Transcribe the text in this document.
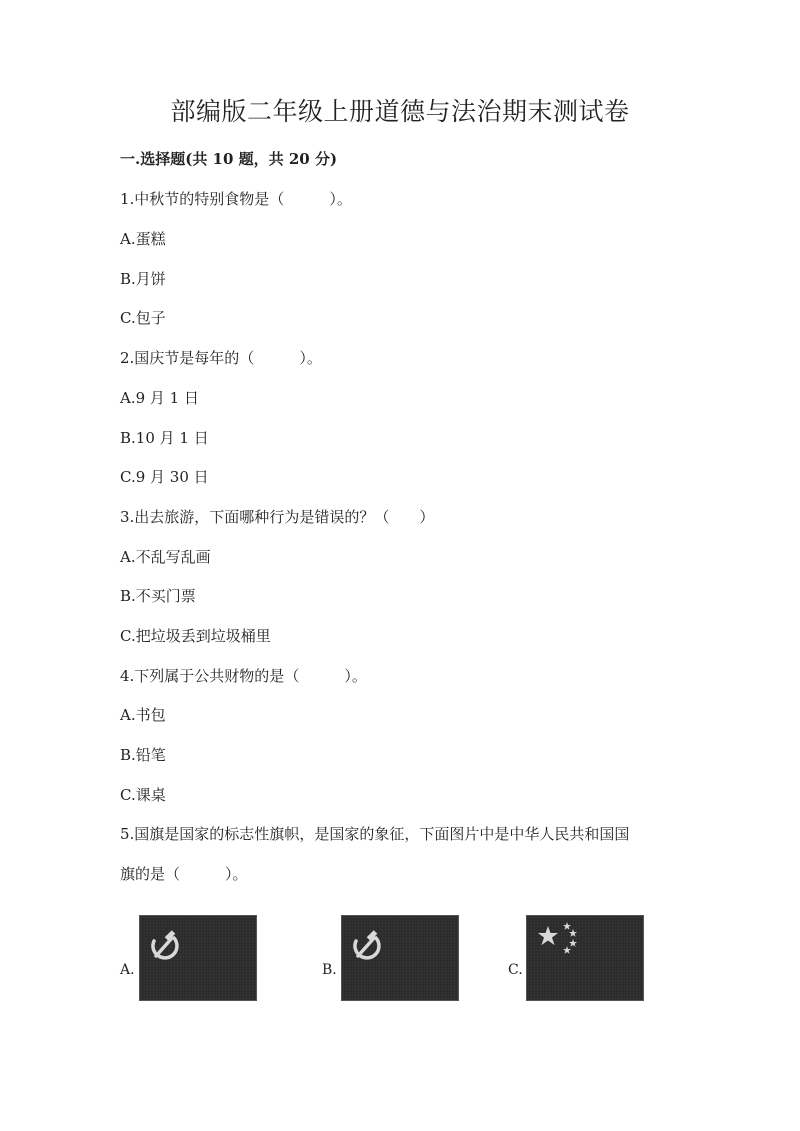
部编版二年级上册道德与法治期末测试卷
一.选择题(共 10 题，共 20 分)
1.中秋节的特别食物是（　　　）。
A.蛋糕
B.月饼
C.包子
2.国庆节是每年的（　　　）。
A.9 月 1 日
B.10 月 1 日
C.9 月 30 日
3.出去旅游，下面哪种行为是错误的？（　　）
A.不乱写乱画
B.不买门票
C.把垃圾丢到垃圾桶里
4.下列属于公共财物的是（　　　）。
A.书包
B.铅笔
C.课桌
5.国旗是国家的标志性旗帜，是国家的象征，下面图片中是中华人民共和国国
旗的是（　　　）。
A.	B.	C.
